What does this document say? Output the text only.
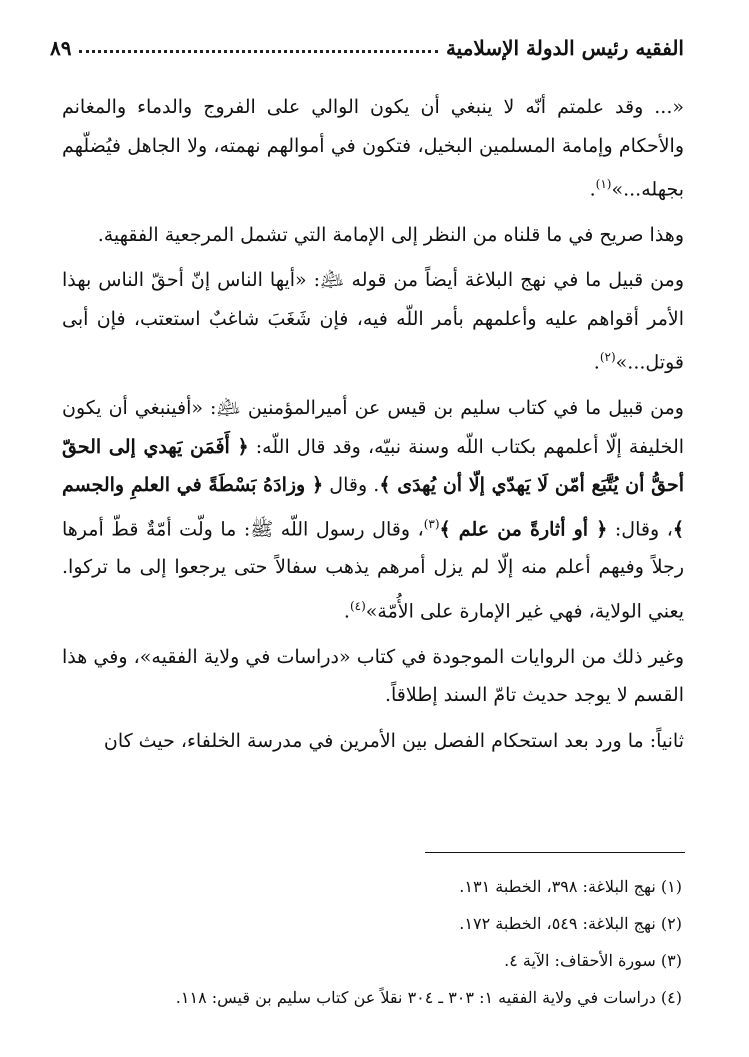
الفقيه رئيس الدولة الإسلامية
٨٩

«... وقد علمتم أنّه لا ينبغي أن يكون الوالي على الفروج والدماء والمغانم والأحكام وإمامة المسلمين البخيل، فتكون في أموالهم نهمته، ولا الجاهل فيُضلّهم بجهله...»$^{(١)}$.

وهذا صريح في ما قلناه من النظر إلى الإمامة التي تشمل المرجعية الفقهية.

ومن قبيل ما في نهج البلاغة أيضاً من قوله ﵇: «أيها الناس إنّ أحقّ الناس بهذا الأمر أقواهم عليه وأعلمهم بأمر اللّه فيه، فإن شَغَبَ شاغبٌ استعتب، فإن أبى قوتل...»$^{(٢)}$.

ومن قبيل ما في كتاب سليم بن قيس عن أميرالمؤمنين ﵇: «أفينبغي أن يكون الخليفة إلّا أعلمهم بكتاب اللّه وسنة نبيّه، وقد قال اللّه: ﴿ أَفَمَن يَهدي إلى الحقّ أحقُّ أن يُتَّبَع أمّن لَا يَهدّي إلّا أن يُهدَى ﴾. وقال ﴿ وزادَهُ بَسْطَةً في العلمِ والجسم ﴾، وقال: ﴿ أو أثارةً من علم ﴾$^{(٣)}$، وقال رسول اللّه ﷺ: ما ولّت أمّةٌ قطّ أمرها رجلاً وفيهم أعلم منه إلّا لم يزل أمرهم يذهب سفالاً حتى يرجعوا إلى ما تركوا. يعني الولاية، فهي غير الإمارة على الأُمّة»$^{(٤)}$.

وغير ذلك من الروايات الموجودة في كتاب «دراسات في ولاية الفقيه»، وفي هذا القسم لا يوجد حديث تامّ السند إطلاقاً.

ثانياً: ما ورد بعد استحكام الفصل بين الأمرين في مدرسة الخلفاء، حيث كان

(١) نهج البلاغة: ٣٩٨، الخطبة ١٣١.
(٢) نهج البلاغة: ٥٤٩، الخطبة ١٧٢.
(٣) سورة الأحقاف: الآية ٤.
(٤) دراسات في ولاية الفقيه ١: ٣٠٣ ـ ٣٠٤ نقلاً عن كتاب سليم بن قيس: ١١٨.
